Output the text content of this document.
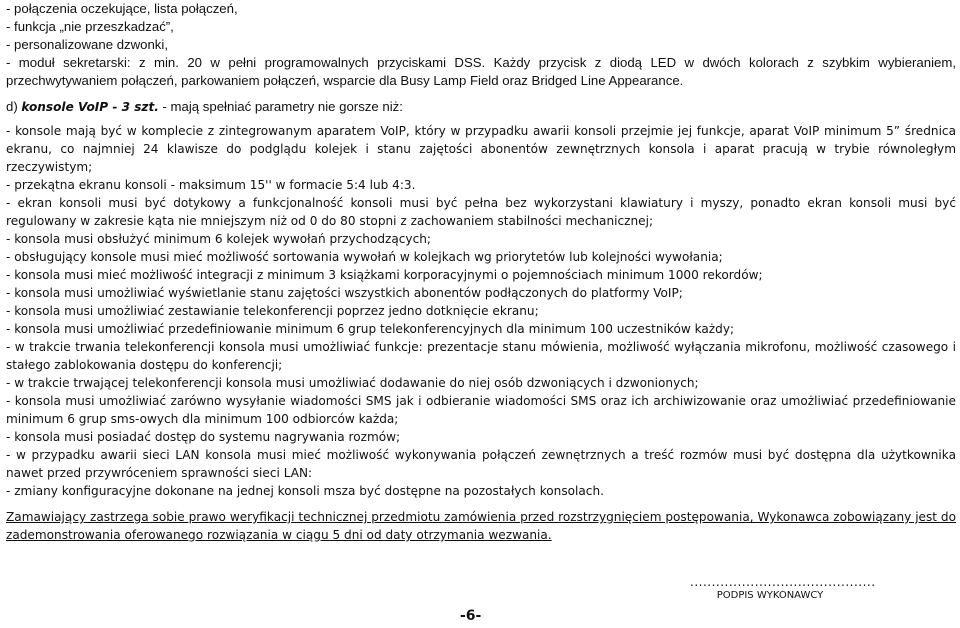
- połączenia oczekujące, lista połączeń,
- funkcja „nie przeszkadzać”,
- personalizowane dzwonki,
- moduł sekretarski: z min. 20 w pełni programowalnych przyciskami DSS. Każdy przycisk z diodą LED w dwóch kolorach z szybkim wybieraniem, przechwytywaniem połączeń, parkowaniem połączeń, wsparcie dla Busy Lamp Field oraz Bridged Line Appearance.
d) konsole VoIP - 3 szt. - mają spełniać parametry nie gorsze niż:
- konsole mają być w komplecie z zintegrowanym aparatem VoIP, który w przypadku awarii konsoli przejmie jej funkcje, aparat VoIP minimum 5” średnica ekranu, co najmniej 24 klawisze do podglądu kolejek i stanu zajętości abonentów zewnętrznych konsola i aparat pracują w trybie równoległym rzeczywistym;
- przekątna ekranu konsoli - maksimum 15'' w formacie 5:4 lub 4:3.
- ekran konsoli musi być dotykowy a funkcjonalność konsoli musi być pełna bez wykorzystani klawiatury i myszy, ponadto ekran konsoli musi być regulowany w zakresie kąta nie mniejszym niż od 0 do 80 stopni z zachowaniem stabilności mechanicznej;
- konsola musi obsłużyć minimum 6 kolejek wywołań przychodzących;
- obsługujący konsole musi mieć możliwość sortowania wywołań w kolejkach wg priorytetów lub kolejności wywołania;
- konsola musi mieć możliwość integracji z minimum 3 książkami korporacyjnymi o pojemnościach minimum 1000 rekordów;
- konsola musi umożliwiać wyświetlanie stanu zajętości wszystkich abonentów podłączonych do platformy VoIP;
- konsola musi umożliwiać zestawianie telekonferencji poprzez jedno dotknięcie ekranu;
- konsola musi umożliwiać przedefiniowanie minimum 6 grup telekonferencyjnych dla minimum 100 uczestników każdy;
- w trakcie trwania telekonferencji konsola musi umożliwiać funkcje: prezentacje stanu mówienia, możliwość wyłączania mikrofonu, możliwość czasowego i stałego zablokowania dostępu do konferencji;
- w trakcie trwającej telekonferencji konsola musi umożliwiać dodawanie do niej osób dzwoniących i dzwonionych;
- konsola musi umożliwiać zarówno wysyłanie wiadomości SMS jak i odbieranie wiadomości SMS oraz ich archiwizowanie oraz umożliwiać przedefiniowanie minimum 6 grup sms-owych dla minimum 100 odbiorców każda;
- konsola musi posiadać dostęp do systemu nagrywania rozmów;
- w przypadku awarii sieci LAN konsola musi mieć możliwość wykonywania połączeń zewnętrznych a treść rozmów musi być dostępna dla użytkownika nawet przed przywróceniem sprawności sieci LAN:
- zmiany konfiguracyjne dokonane na jednej konsoli msza być dostępne na pozostałych konsolach.
Zamawiający zastrzega sobie prawo weryfikacji technicznej przedmiotu zamówienia przed rozstrzygnięciem postępowania, Wykonawca zobowiązany jest do zademonstrowania oferowanego rozwiązania w ciągu 5 dni od daty otrzymania wezwania.
...........................................
PODPIS WYKONAWCY
-6-
